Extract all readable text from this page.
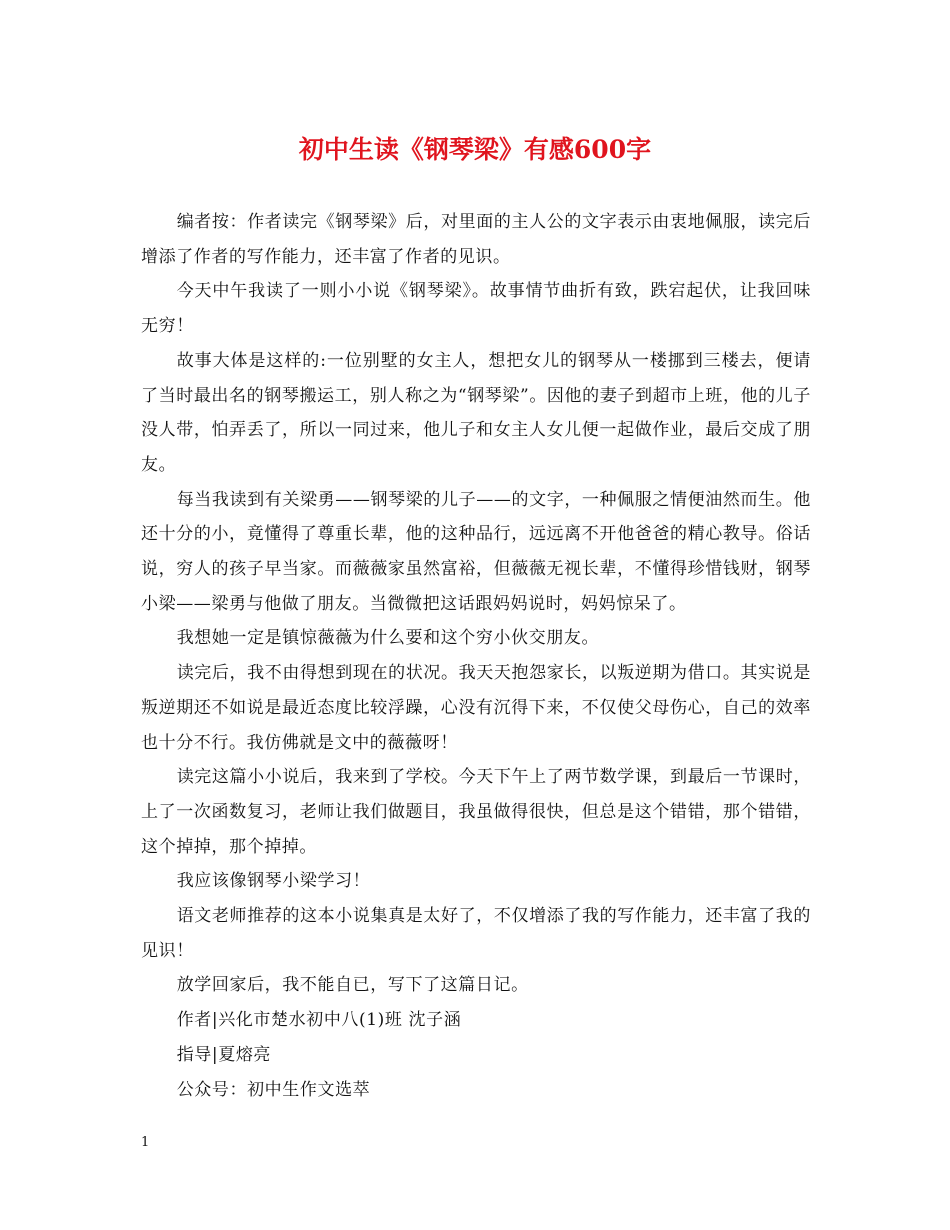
初中生读《钢琴梁》有感600字

编者按：作者读完《钢琴梁》后，对里面的主人公的文字表示由衷地佩服，读完后增添了作者的写作能力，还丰富了作者的见识。

今天中午我读了一则小小说《钢琴梁》。故事情节曲折有致，跌宕起伏，让我回味无穷！

故事大体是这样的:一位别墅的女主人，想把女儿的钢琴从一楼挪到三楼去，便请了当时最出名的钢琴搬运工，别人称之为“钢琴梁”。因他的妻子到超市上班，他的儿子没人带，怕弄丢了，所以一同过来，他儿子和女主人女儿便一起做作业，最后交成了朋友。

每当我读到有关梁勇——钢琴梁的儿子——的文字，一种佩服之情便油然而生。他还十分的小，竟懂得了尊重长辈，他的这种品行，远远离不开他爸爸的精心教导。俗话说，穷人的孩子早当家。而薇薇家虽然富裕，但薇薇无视长辈，不懂得珍惜钱财，钢琴小梁——梁勇与他做了朋友。当微微把这话跟妈妈说时，妈妈惊呆了。

我想她一定是镇惊薇薇为什么要和这个穷小伙交朋友。

读完后，我不由得想到现在的状况。我天天抱怨家长，以叛逆期为借口。其实说是叛逆期还不如说是最近态度比较浮躁，心没有沉得下来，不仅使父母伤心，自己的效率也十分不行。我仿佛就是文中的薇薇呀！

读完这篇小小说后，我来到了学校。今天下午上了两节数学课，到最后一节课时，上了一次函数复习，老师让我们做题目，我虽做得很快，但总是这个错错，那个错错，这个掉掉，那个掉掉。

我应该像钢琴小梁学习！

语文老师推荐的这本小说集真是太好了，不仅增添了我的写作能力，还丰富了我的见识！

放学回家后，我不能自已，写下了这篇日记。

作者|兴化市楚水初中八(1)班 沈子涵

指导|夏熔亮

公众号：初中生作文选萃

1
